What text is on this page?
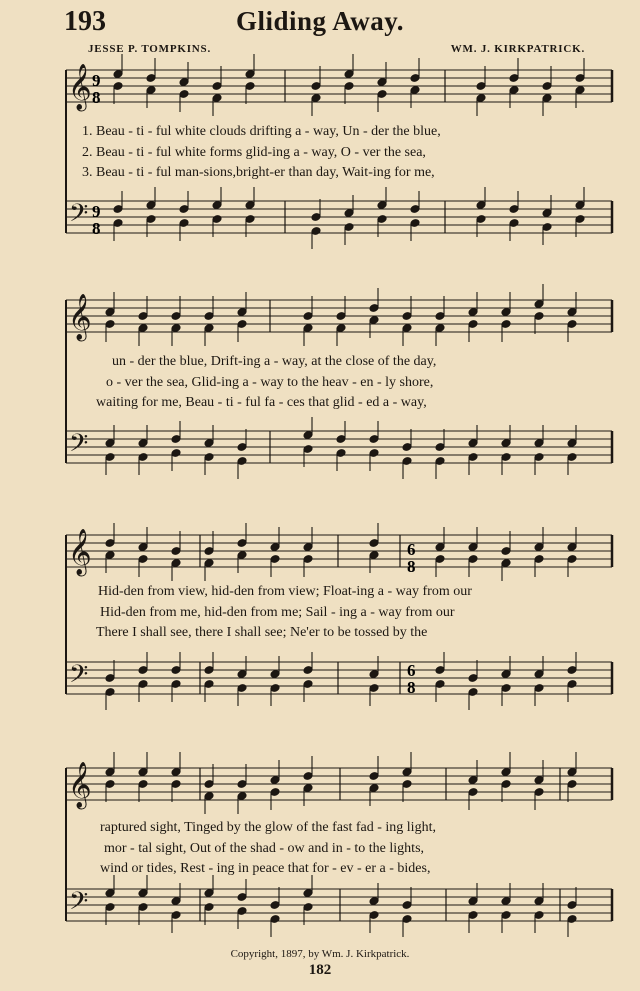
193	Gliding Away.
JESSE P. TOMPKINS.	WM. J. KIRKPATRICK.
𝄞
𝄢
𝄞
𝄢
𝄞
𝄢
𝄞
𝄢
9
8
9
8
6
8
6
8
1. Beau - ti - ful white clouds drifting a - way, Un - der the blue,
2. Beau - ti - ful white forms glid-ing a - way, O - ver the sea,
3. Beau - ti - ful man-sions,bright-er than day, Wait-ing for me,
un - der the blue, Drift-ing a - way, at the close of the day,
o - ver the sea, Glid-ing a - way to the heav - en - ly shore,
waiting for me, Beau - ti - ful fa - ces that glid - ed a - way,
Hid-den from view, hid-den from view; Float-ing a - way from our
Hid-den from me, hid-den from me; Sail - ing a - way from our
There I shall see, there I shall see; Ne'er to be tossed by the
raptured sight, Tinged by the glow of the fast fad - ing light,
mor - tal sight, Out of the shad - ow and in - to the lights,
wind or tides, Rest - ing in peace that for - ev - er a - bides,
Copyright, 1897, by Wm. J. Kirkpatrick.
182
